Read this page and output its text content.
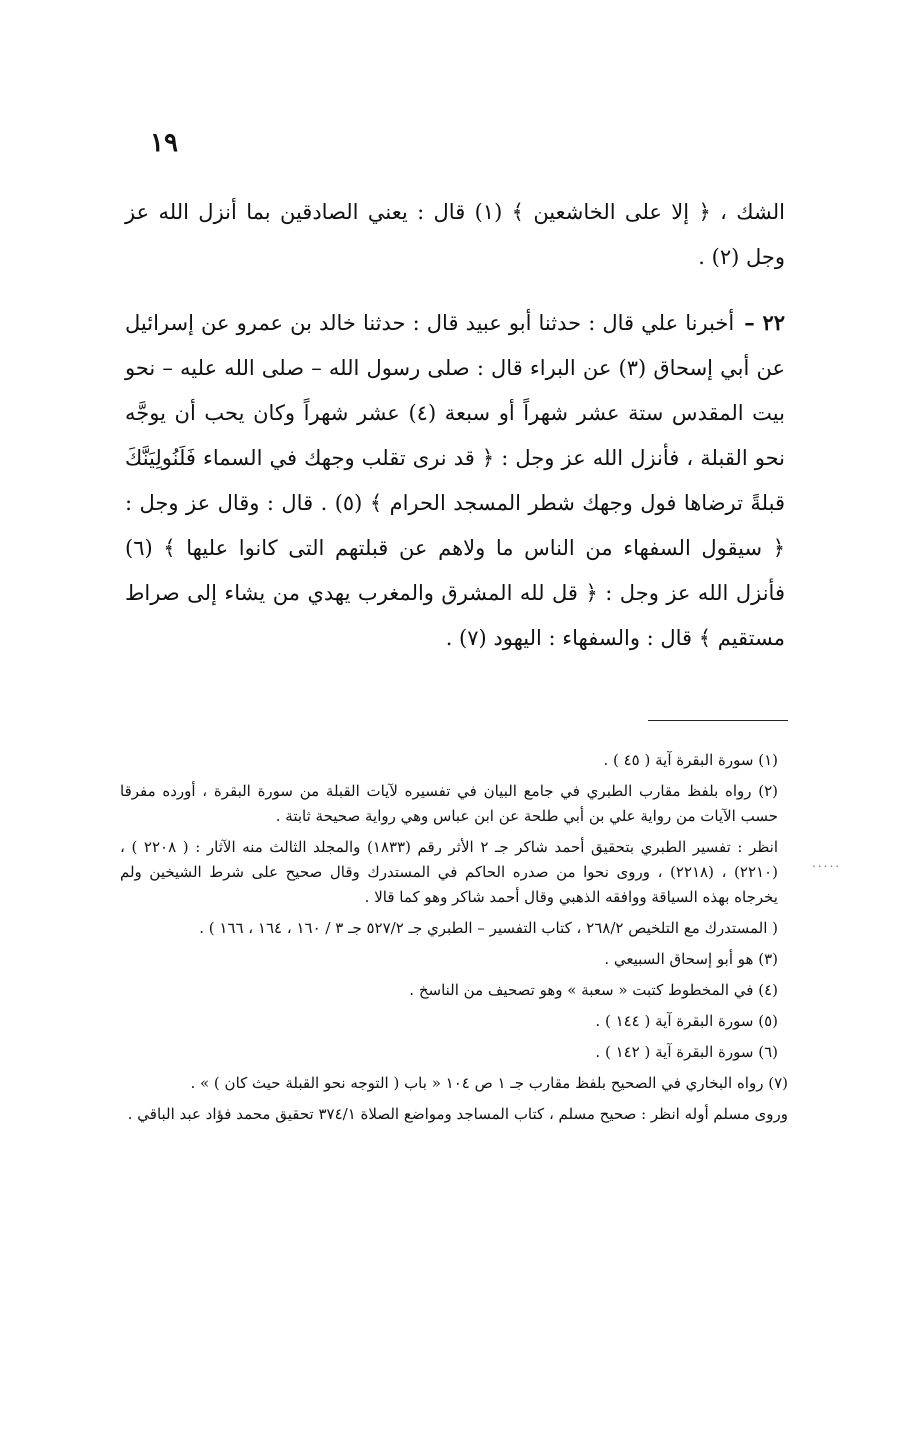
١٩

الشك ، ﴿ إلا على الخاشعين ﴾ (١) قال : يعني الصادقين بما أنزل الله عز وجل (٢) .

٢٢ –أخبرنا علي قال : حدثنا أبو عبيد قال : حدثنا خالد بن عمرو عن إسرائيل عن أبي إسحاق (٣) عن البراء قال : صلى رسول الله – صلى الله عليه – نحو بيت المقدس ستة عشر شهراً أو سبعة (٤) عشر شهراً وكان يحب أن يوجَّه نحو القبلة ، فأنزل الله عز وجل : ﴿ قد نرى تقلب وجهك في السماء فَلَنُولِيَنَّكَ قبلةً ترضاها فول وجهك شطر المسجد الحرام ﴾ (٥) . قال : وقال عز وجل : ﴿ سيقول السفهاء من الناس ما ولاهم عن قبلتهم التى كانوا عليها ﴾ (٦) فأنزل الله عز وجل : ﴿ قل لله المشرق والمغرب يهدي من يشاء إلى صراط مستقيم ﴾ قال : والسفهاء : اليهود (٧) .

.....

(١) سورة البقرة آية ( ٤٥ ) .

(٢) رواه بلفظ مقارب الطبري في جامع البيان في تفسيره لآيات القبلة من سورة البقرة ، أورده مفرقا حسب الآيات من رواية علي بن أبي طلحة عن ابن عباس وهي رواية صحيحة ثابتة .

انظر : تفسير الطبري بتحقيق أحمد شاكر جـ ٢ الأثر رقم (١٨٣٣) والمجلد الثالث منه الآثار : ( ٢٢٠٨ ) ، (٢٢١٠) ، (٢٢١٨) ، وروى نحوا من صدره الحاكم في المستدرك وقال صحيح على شرط الشيخين ولم يخرجاه بهذه السياقة ووافقه الذهبي وقال أحمد شاكر وهو كما قالا .

( المستدرك مع التلخيص ٢٦٨/٢ ، كتاب التفسير – الطبري جـ ٥٢٧/٢ جـ ٣ / ١٦٠ ، ١٦٤ ، ١٦٦ ) .

(٣) هو أبو إسحاق السبيعي .

(٤) في المخطوط كتبت « سعبة » وهو تصحيف من الناسخ .

(٥) سورة البقرة آية ( ١٤٤ ) .

(٦) سورة البقرة آية ( ١٤٢ ) .

(٧) رواه البخاري في الصحيح بلفظ مقارب جـ ١ ص ١٠٤ « باب ( التوجه نحو القبلة حيث كان ) » .

وروى مسلم أوله انظر : صحيح مسلم ، كتاب المساجد ومواضع الصلاة ٣٧٤/١ تحقيق محمد فؤاد عبد الباقي .
